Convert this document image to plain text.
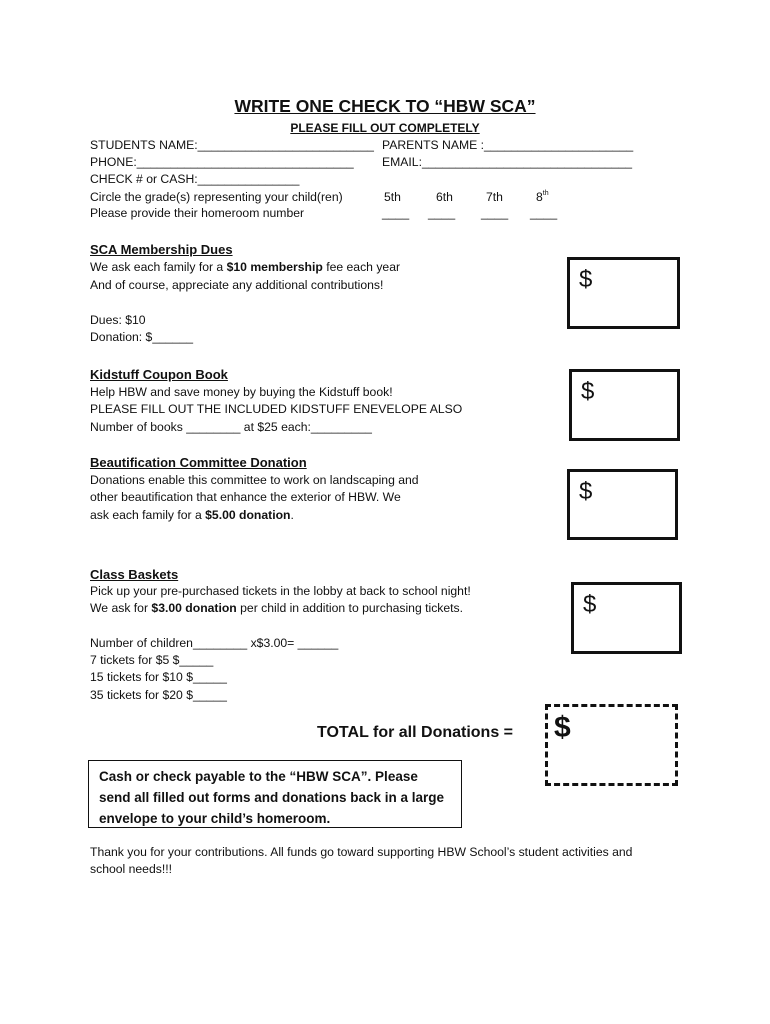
WRITE ONE CHECK TO “HBW SCA”
PLEASE FILL OUT COMPLETELY
STUDENTS NAME:__________________________ PARENTS NAME :______________________
PHONE:________________________________ EMAIL:_______________________________
CHECK # or CASH:_______________
Circle the grade(s) representing your child(ren)
Please provide their homeroom number
5th	6th	7th	8th
____ ____ ____ ____
SCA Membership Dues
We ask each family for a $10 membership fee each year
And of course, appreciate any additional contributions!
Dues: $10
Donation: $______
$
Kidstuff Coupon Book
Help HBW and save money by buying the Kidstuff book!
PLEASE FILL OUT THE INCLUDED KIDSTUFF ENEVELOPE ALSO
Number of books ________ at $25 each:_________
$
Beautification Committee Donation
Donations enable this committee to work on landscaping and
other beautification that enhance the exterior of HBW. We
ask each family for a $5.00 donation.
$
Class Baskets
Pick up your pre-purchased tickets in the lobby at back to school night!
We ask for $3.00 donation per child in addition to purchasing tickets.
Number of children________ x$3.00= ______
7 tickets for $5 $_____
15 tickets for $10 $_____
35 tickets for $20 $_____
$
TOTAL for all Donations = $
Cash or check payable to the “HBW SCA”. Please send all filled out forms and donations back in a large envelope to your child’s homeroom.
Thank you for your contributions. All funds go toward supporting HBW School’s student activities and
school needs!!!
